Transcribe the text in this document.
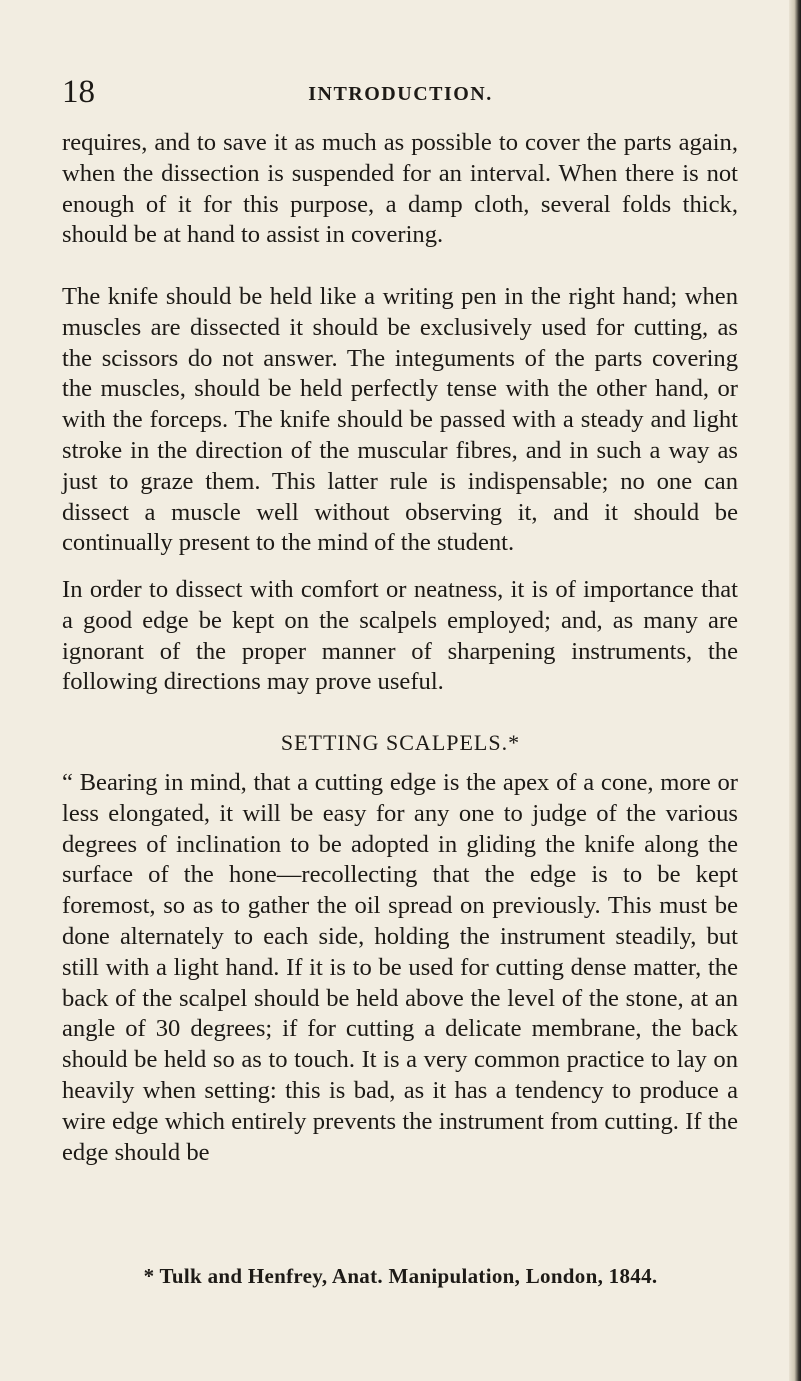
18	INTRODUCTION.

requires, and to save it as much as possible to cover the parts again, when the dissection is suspended for an interval. When there is not enough of it for this purpose, a damp cloth, several folds thick, should be at hand to assist in covering.

The knife should be held like a writing pen in the right hand; when muscles are dissected it should be exclusively used for cutting, as the scissors do not answer. The integuments of the parts covering the muscles, should be held perfectly tense with the other hand, or with the forceps. The knife should be passed with a steady and light stroke in the direction of the muscular fibres, and in such a way as just to graze them. This latter rule is indispensable; no one can dissect a muscle well without observing it, and it should be continually present to the mind of the student.

In order to dissect with comfort or neatness, it is of importance that a good edge be kept on the scalpels employed; and, as many are ignorant of the proper manner of sharpening instruments, the following directions may prove useful.

SETTING SCALPELS.*

“ Bearing in mind, that a cutting edge is the apex of a cone, more or less elongated, it will be easy for any one to judge of the various degrees of inclination to be adopted in gliding the knife along the surface of the hone—recollecting that the edge is to be kept foremost, so as to gather the oil spread on previously. This must be done alternately to each side, holding the instrument steadily, but still with a light hand. If it is to be used for cutting dense matter, the back of the scalpel should be held above the level of the stone, at an angle of 30 degrees; if for cutting a delicate membrane, the back should be held so as to touch. It is a very common practice to lay on heavily when setting: this is bad, as it has a tendency to produce a wire edge which entirely prevents the instrument from cutting. If the edge should be

* Tulk and Henfrey, Anat. Manipulation, London, 1844.
